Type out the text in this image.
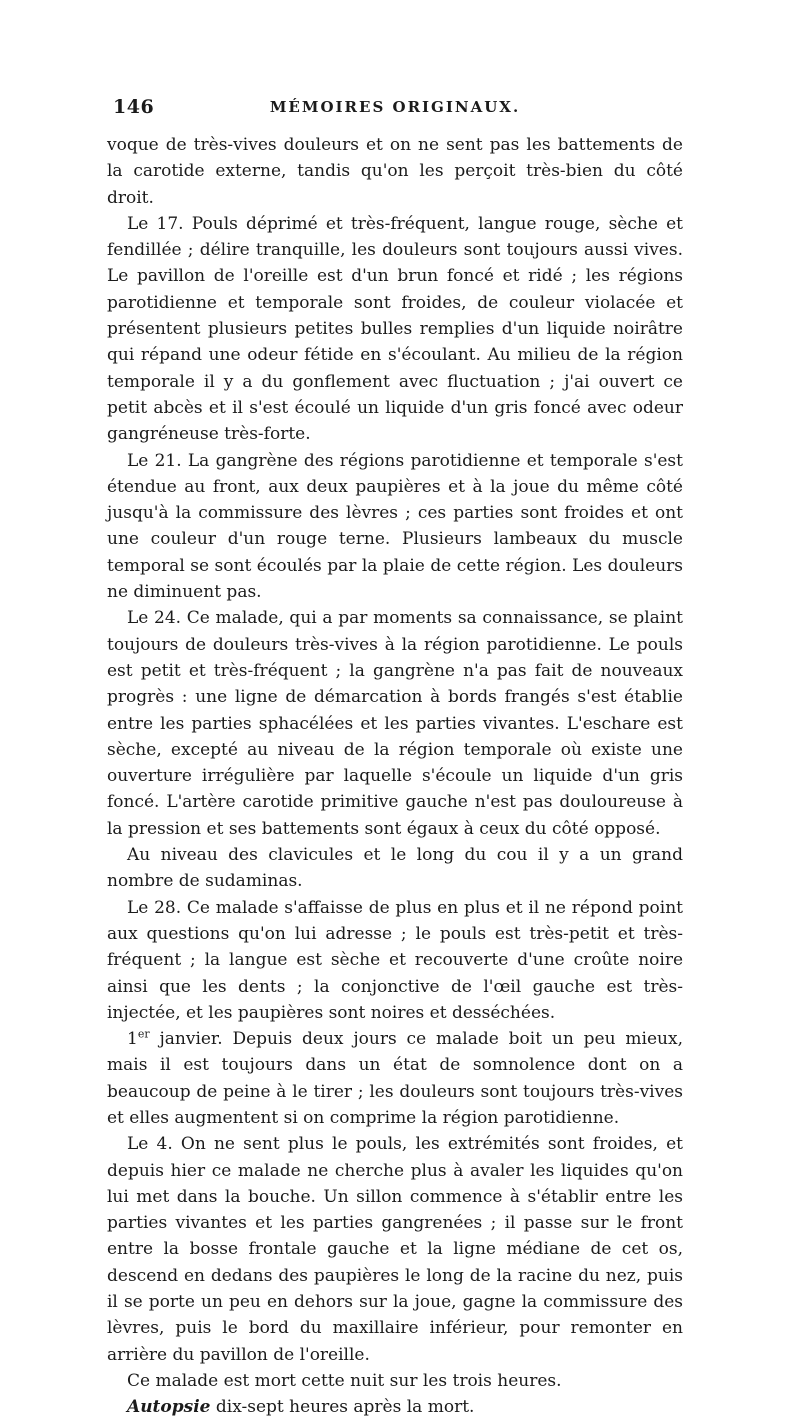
146	MÉMOIRES ORIGINAUX.

voque de très-vives douleurs et on ne sent pas les battements de la carotide externe, tandis qu'on les perçoit très-bien du côté droit.

Le 17. Pouls déprimé et très-fréquent, langue rouge, sèche et fendillée ; délire tranquille, les douleurs sont toujours aussi vives. Le pavillon de l'oreille est d'un brun foncé et ridé ; les régions parotidienne et temporale sont froides, de couleur violacée et présentent plusieurs petites bulles remplies d'un liquide noirâtre qui répand une odeur fétide en s'écoulant. Au milieu de la région temporale il y a du gonflement avec fluctuation ; j'ai ouvert ce petit abcès et il s'est écoulé un liquide d'un gris foncé avec odeur gangréneuse très-forte.

Le 21. La gangrène des régions parotidienne et temporale s'est étendue au front, aux deux paupières et à la joue du même côté jusqu'à la commissure des lèvres ; ces parties sont froides et ont une couleur d'un rouge terne. Plusieurs lambeaux du muscle temporal se sont écoulés par la plaie de cette région. Les douleurs ne diminuent pas.

Le 24. Ce malade, qui a par moments sa connaissance, se plaint toujours de douleurs très-vives à la région parotidienne. Le pouls est petit et très-fréquent ; la gangrène n'a pas fait de nouveaux progrès : une ligne de démarcation à bords frangés s'est établie entre les parties sphacélées et les parties vivantes. L'eschare est sèche, excepté au niveau de la région temporale où existe une ouverture irrégulière par laquelle s'écoule un liquide d'un gris foncé. L'artère carotide primitive gauche n'est pas douloureuse à la pression et ses battements sont égaux à ceux du côté opposé.

Au niveau des clavicules et le long du cou il y a un grand nombre de sudaminas.

Le 28. Ce malade s'affaisse de plus en plus et il ne répond point aux questions qu'on lui adresse ; le pouls est très-petit et très-fréquent ; la langue est sèche et recouverte d'une croûte noire ainsi que les dents ; la conjonctive de l'œil gauche est très-injectée, et les paupières sont noires et desséchées.

1er janvier. Depuis deux jours ce malade boit un peu mieux, mais il est toujours dans un état de somnolence dont on a beaucoup de peine à le tirer ; les douleurs sont toujours très-vives et elles augmentent si on comprime la région parotidienne.

Le 4. On ne sent plus le pouls, les extrémités sont froides, et depuis hier ce malade ne cherche plus à avaler les liquides qu'on lui met dans la bouche. Un sillon commence à s'établir entre les parties vivantes et les parties gangrenées ; il passe sur le front entre la bosse frontale gauche et la ligne médiane de cet os, descend en dedans des paupières le long de la racine du nez, puis il se porte un peu en dehors sur la joue, gagne la commissure des lèvres, puis le bord du maxillaire inférieur, pour remonter en arrière du pavillon de l'oreille.

Ce malade est mort cette nuit sur les trois heures.

Autopsie dix-sept heures après la mort.
